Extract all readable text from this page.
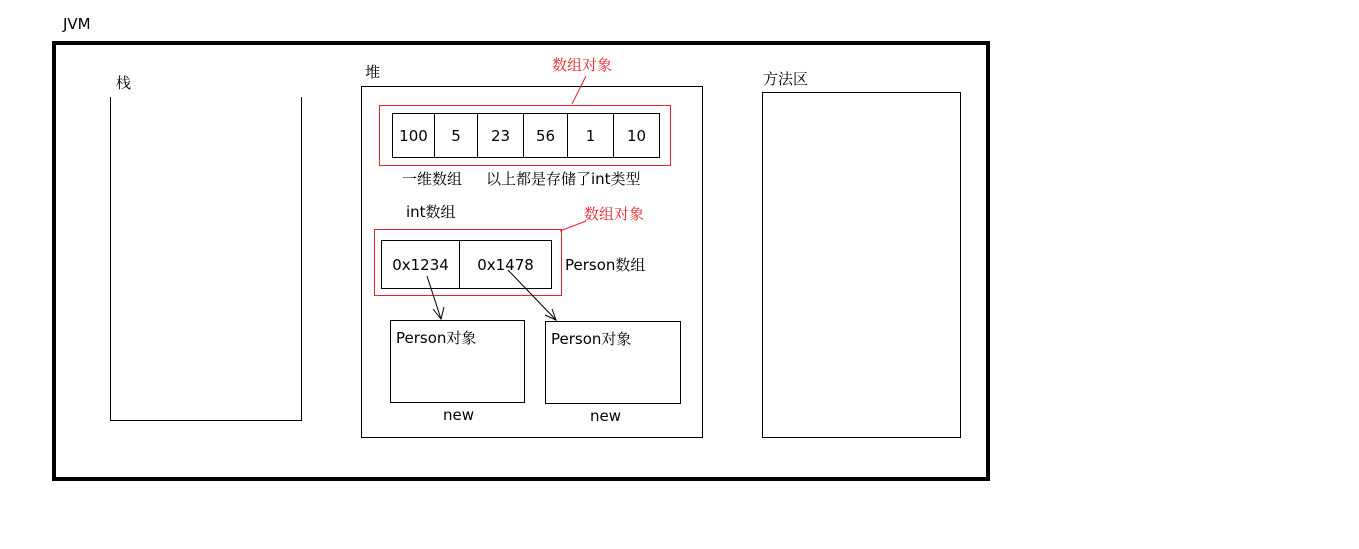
JVM
栈
堆	数组对象
100	5	23	56	1	10
一维数组 以上都是存储了int类型
int数组	数组对象
0x1234	0x1478	Person数组
Person对象
new
Person对象
new
方法区
